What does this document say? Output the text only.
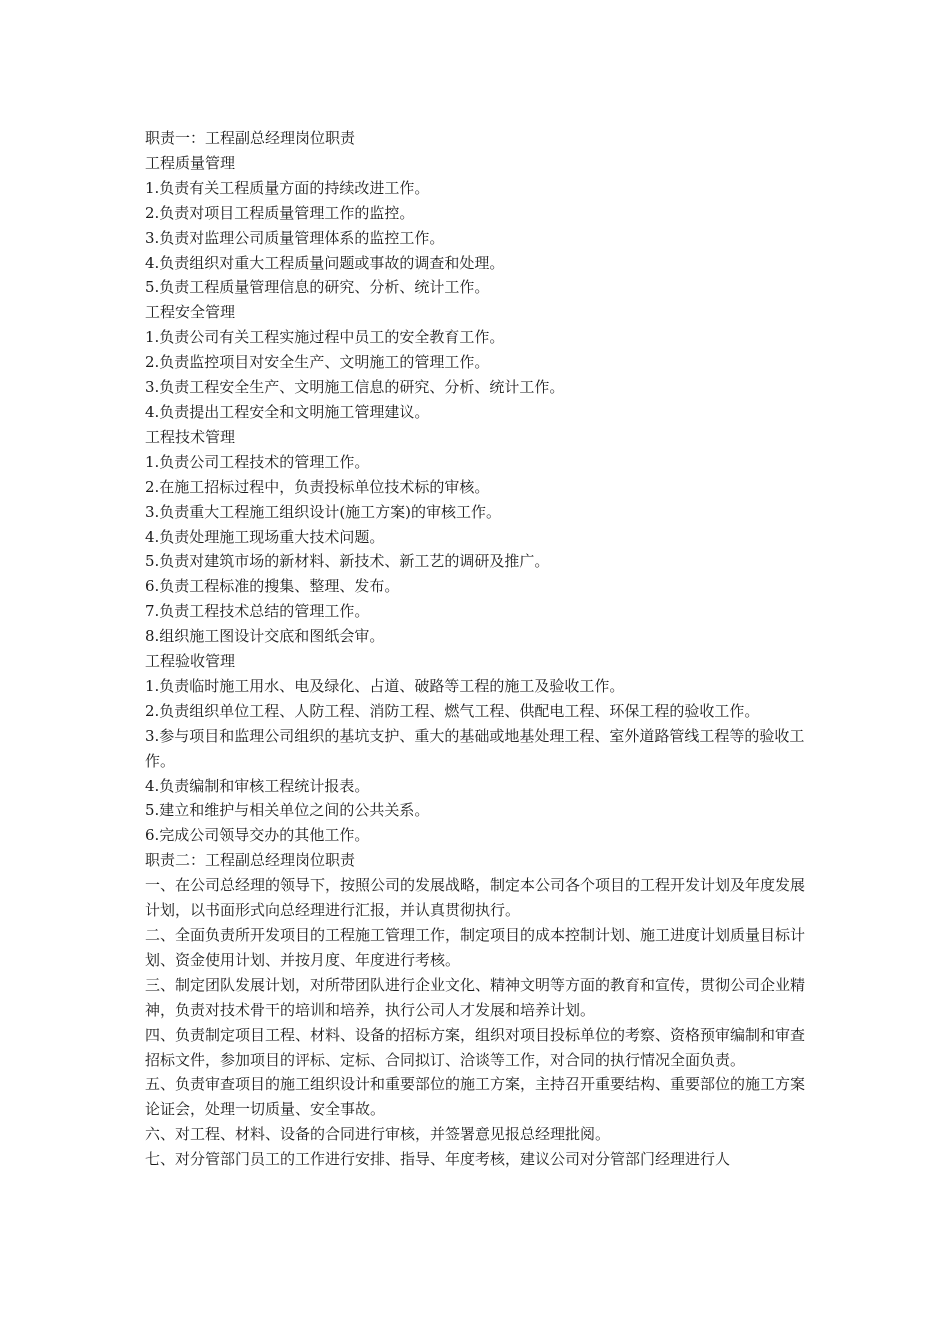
职责一：工程副总经理岗位职责

工程质量管理

1.负责有关工程质量方面的持续改进工作。

2.负责对项目工程质量管理工作的监控。

3.负责对监理公司质量管理体系的监控工作。

4.负责组织对重大工程质量问题或事故的调查和处理。

5.负责工程质量管理信息的研究、分析、统计工作。

工程安全管理

1.负责公司有关工程实施过程中员工的安全教育工作。

2.负责监控项目对安全生产、文明施工的管理工作。

3.负责工程安全生产、文明施工信息的研究、分析、统计工作。

4.负责提出工程安全和文明施工管理建议。

工程技术管理

1.负责公司工程技术的管理工作。

2.在施工招标过程中，负责投标单位技术标的审核。

3.负责重大工程施工组织设计(施工方案)的审核工作。

4.负责处理施工现场重大技术问题。

5.负责对建筑市场的新材料、新技术、新工艺的调研及推广。

6.负责工程标准的搜集、整理、发布。

7.负责工程技术总结的管理工作。

8.组织施工图设计交底和图纸会审。

工程验收管理

1.负责临时施工用水、电及绿化、占道、破路等工程的施工及验收工作。

2.负责组织单位工程、人防工程、消防工程、燃气工程、供配电工程、环保工程的验收工作。

3.参与项目和监理公司组织的基坑支护、重大的基础或地基处理工程、室外道路管线工程等的验收工作。

4.负责编制和审核工程统计报表。

5.建立和维护与相关单位之间的公共关系。

6.完成公司领导交办的其他工作。

职责二：工程副总经理岗位职责

一、在公司总经理的领导下，按照公司的发展战略，制定本公司各个项目的工程开发计划及年度发展计划，以书面形式向总经理进行汇报，并认真贯彻执行。

二、全面负责所开发项目的工程施工管理工作，制定项目的成本控制计划、施工进度计划质量目标计划、资金使用计划、并按月度、年度进行考核。

三、制定团队发展计划，对所带团队进行企业文化、精神文明等方面的教育和宣传，贯彻公司企业精神，负责对技术骨干的培训和培养，执行公司人才发展和培养计划。

四、负责制定项目工程、材料、设备的招标方案，组织对项目投标单位的考察、资格预审编制和审查招标文件，参加项目的评标、定标、合同拟订、洽谈等工作，对合同的执行情况全面负责。

五、负责审查项目的施工组织设计和重要部位的施工方案，主持召开重要结构、重要部位的施工方案论证会，处理一切质量、安全事故。

六、对工程、材料、设备的合同进行审核，并签署意见报总经理批阅。

七、对分管部门员工的工作进行安排、指导、年度考核，建议公司对分管部门经理进行人
